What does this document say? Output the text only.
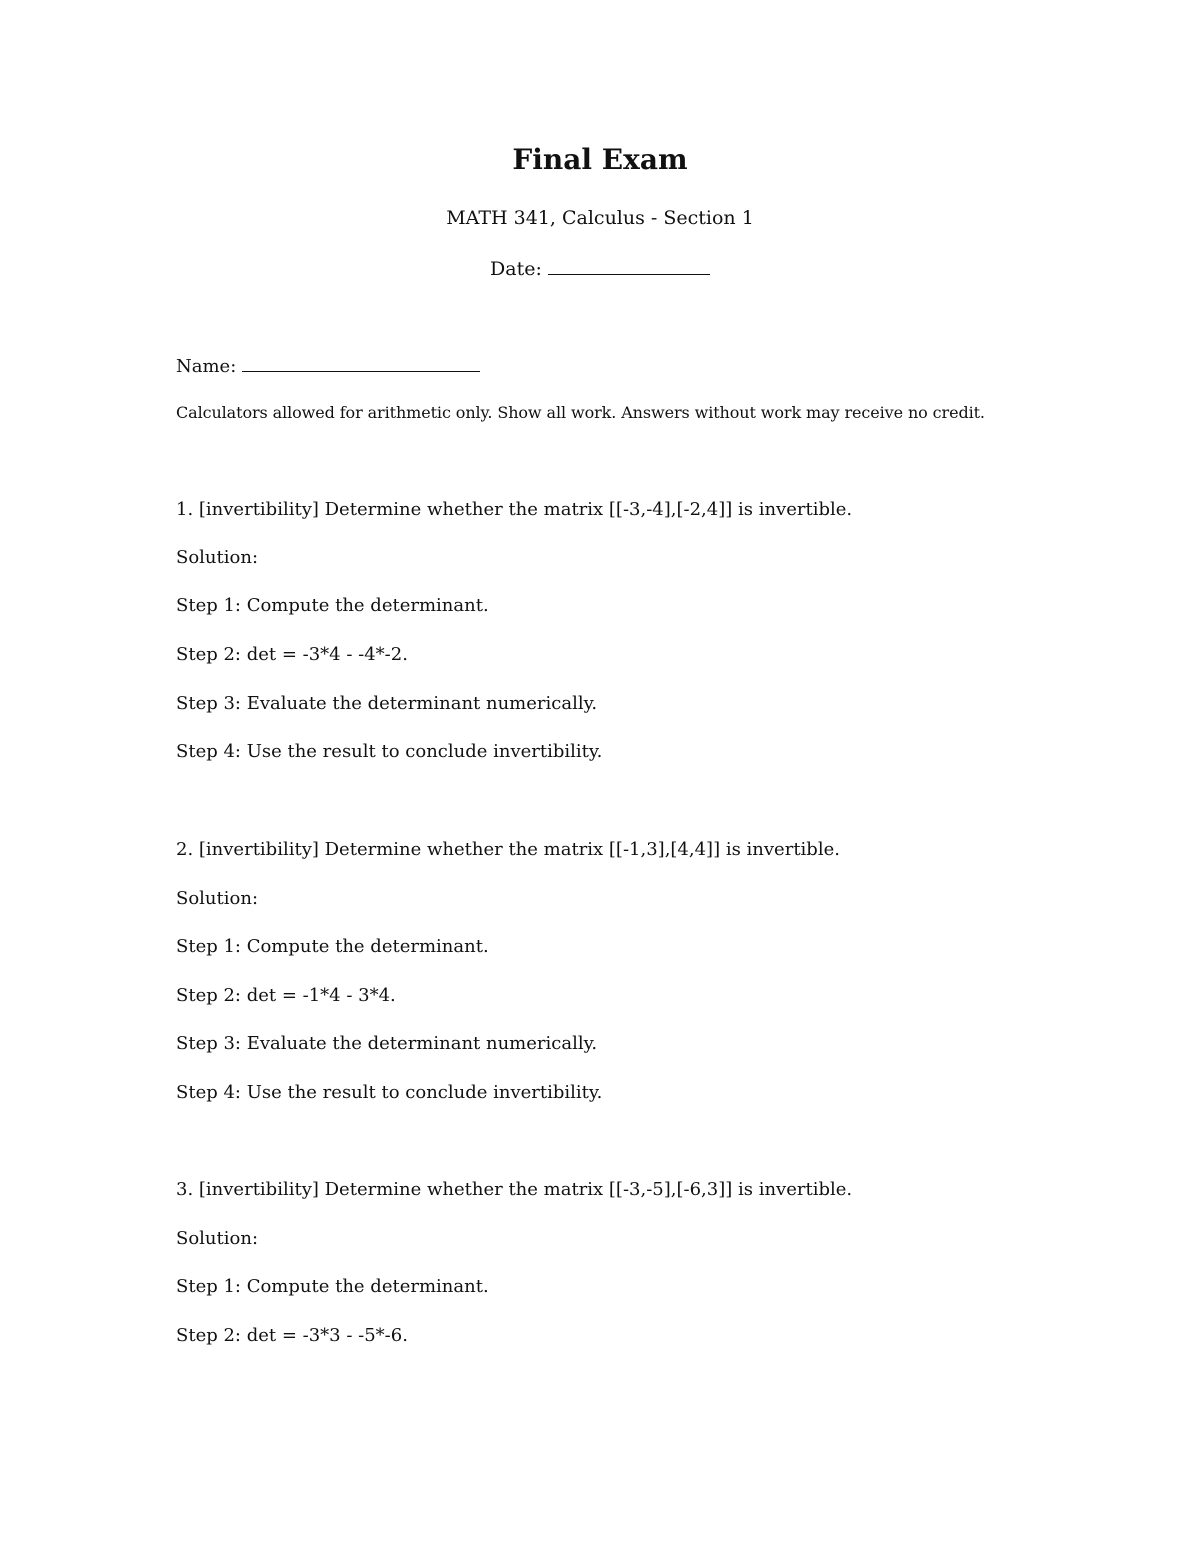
Final Exam
MATH 341, Calculus - Section 1
Date:
Name:
Calculators allowed for arithmetic only. Show all work. Answers without work may receive no credit.
1. [invertibility] Determine whether the matrix [[-3,-4],[-2,4]] is invertible.
Solution:
Step 1: Compute the determinant.
Step 2: det = -3*4 - -4*-2.
Step 3: Evaluate the determinant numerically.
Step 4: Use the result to conclude invertibility.
2. [invertibility] Determine whether the matrix [[-1,3],[4,4]] is invertible.
Solution:
Step 1: Compute the determinant.
Step 2: det = -1*4 - 3*4.
Step 3: Evaluate the determinant numerically.
Step 4: Use the result to conclude invertibility.
3. [invertibility] Determine whether the matrix [[-3,-5],[-6,3]] is invertible.
Solution:
Step 1: Compute the determinant.
Step 2: det = -3*3 - -5*-6.
